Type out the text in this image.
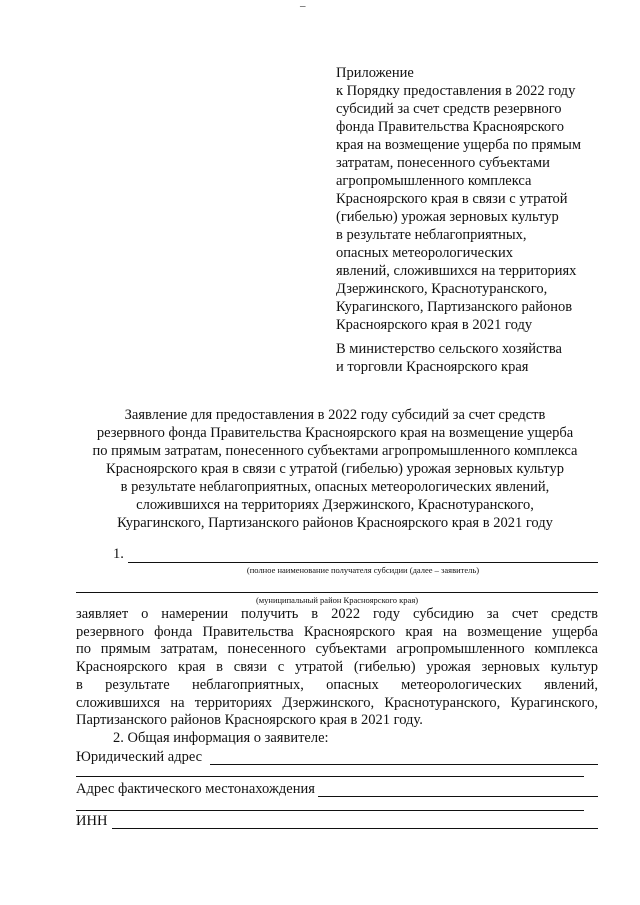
–
Приложение
к Порядку предоставления в 2022 году
субсидий за счет средств резервного
фонда Правительства Красноярского
края на возмещение ущерба по прямым
затратам, понесенного субъектами
агропромышленного комплекса
Красноярского края в связи с утратой
(гибелью) урожая зерновых культур
в результате неблагоприятных,
опасных метеорологических
явлений, сложившихся на территориях
Дзержинского, Краснотуранского,
Курагинского, Партизанского районов
Красноярского края в 2021 году
В министерство сельского хозяйства
и торговли Красноярского края
Заявление для предоставления в 2022 году субсидий за счет средств
резервного фонда Правительства Красноярского края на возмещение ущерба
по прямым затратам, понесенного субъектами агропромышленного комплекса
Красноярского края в связи с утратой (гибелью) урожая зерновых культур
в результате неблагоприятных, опасных метеорологических явлений,
сложившихся на территориях Дзержинского, Краснотуранского,
Курагинского, Партизанского районов Красноярского края в 2021 году
1.
(полное наименование получателя субсидии (далее – заявитель)
(муниципальный район Красноярского края)
заявляет о намерении получить в 2022 году субсидию за счет средств
резервного фонда Правительства Красноярского края на возмещение ущерба
по прямым затратам, понесенного субъектами агропромышленного комплекса
Красноярского края в связи с утратой (гибелью) урожая зерновых культур
в результате неблагоприятных, опасных метеорологических явлений,
сложившихся на территориях Дзержинского, Краснотуранского, Курагинского,
Партизанского районов Красноярского края в 2021 году.
2. Общая информация о заявителе:
Юридический адрес
Адрес фактического местонахождения
ИНН
